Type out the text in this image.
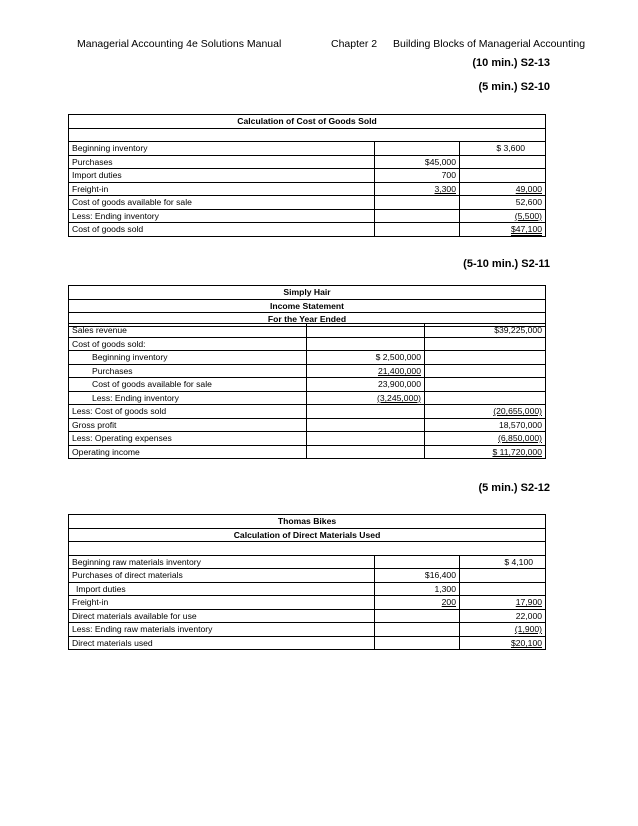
Managerial Accounting 4e Solutions Manual	Chapter 2 Building Blocks of Managerial Accounting
(10 min.) S2-13
(5 min.) S2-10
Calculation of Cost of Goods Sold		

Beginning inventory		$ 3,600
Purchases	$45,000	
Import duties	700	
Freight-in	3,300	49,000
Cost of goods available for sale		52,600
Less: Ending inventory		(5,500)
Cost of goods sold		$47,100
(5-10 min.) S2-11
Simply Hair
Income Statement
For the Year Ended
Sales revenue		$39,225,000
Cost of goods sold:		
Beginning inventory	$ 2,500,000	
Purchases	21,400,000	
Cost of goods available for sale	23,900,000	
Less: Ending inventory	(3,245,000)	
Less: Cost of goods sold		(20,655,000)
Gross profit		18,570,000
Less: Operating expenses		(6,850,000)
Operating income		$ 11,720,000
(5 min.) S2-12
Thomas Bikes		
Calculation of Direct Materials Used		

Beginning raw materials inventory		$ 4,100
Purchases of direct materials	$16,400	
Import duties	1,300	
Freight-in	200	17,900
Direct materials available for use		22,000
Less: Ending raw materials inventory		(1,900)
Direct materials used		$20,100
